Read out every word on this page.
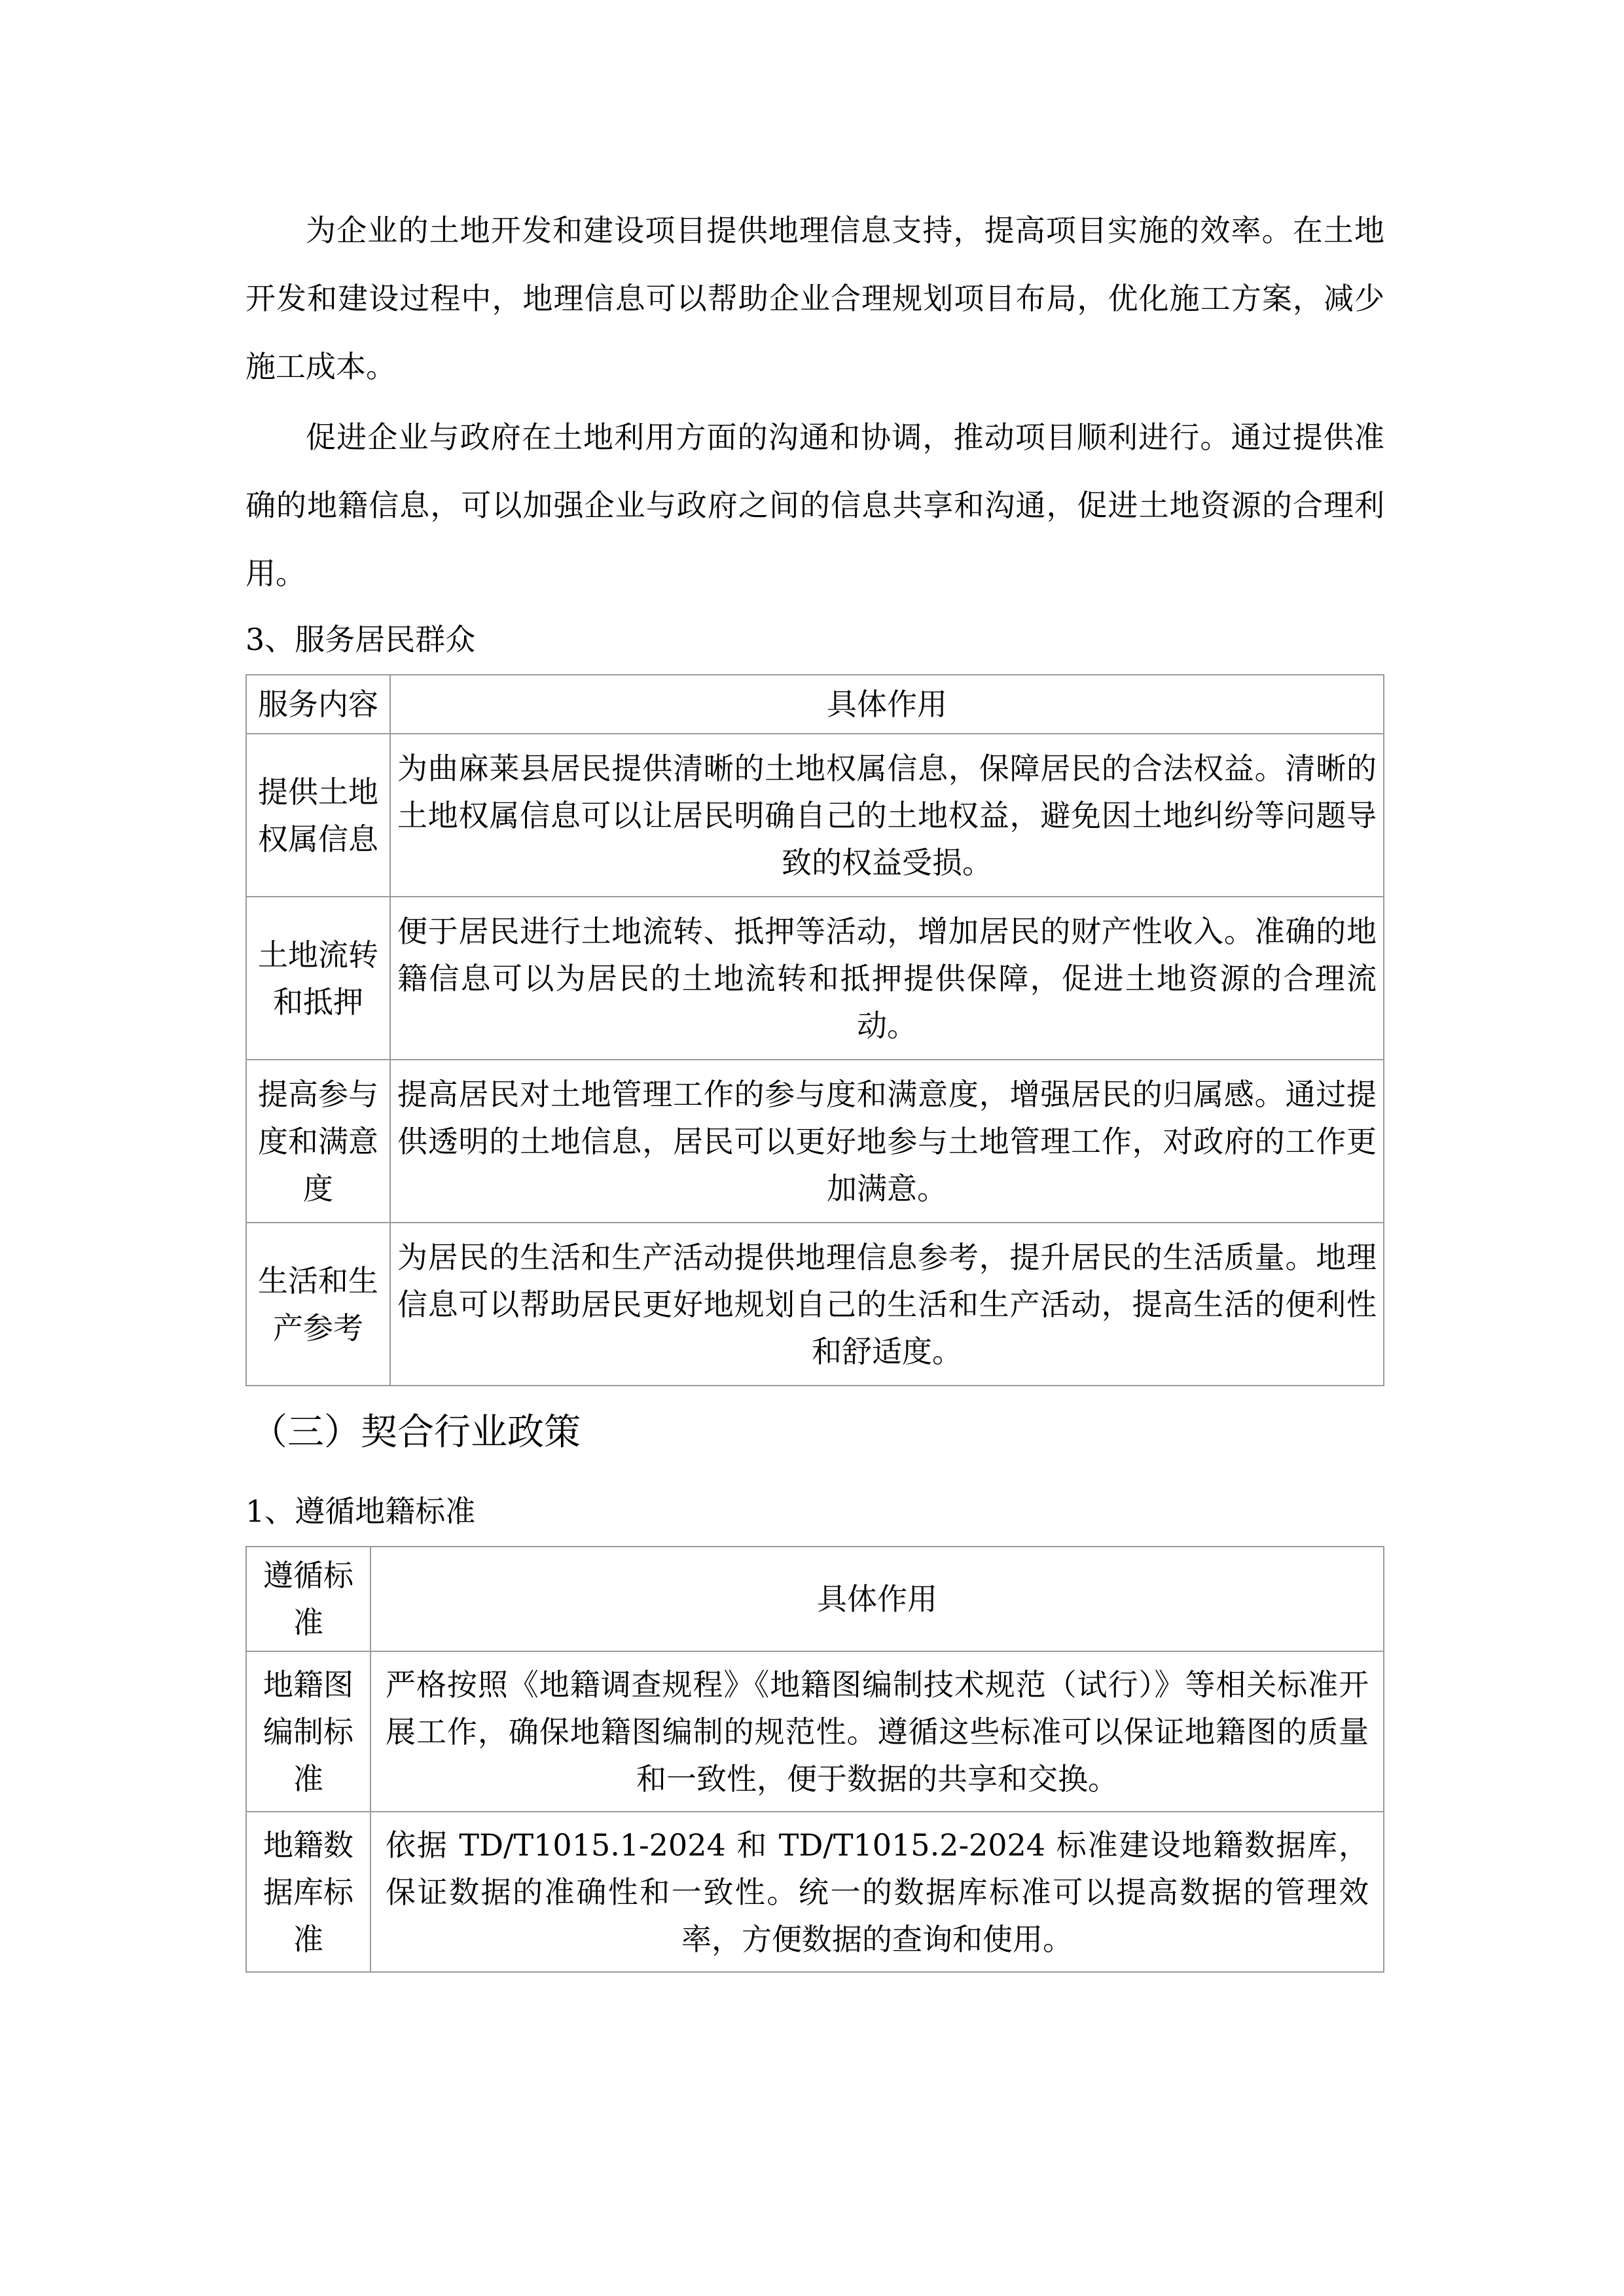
为企业的土地开发和建设项目提供地理信息支持，提高项目实施的效率。在土地开发和建设过程中，地理信息可以帮助企业合理规划项目布局，优化施工方案，减少施工成本。

促进企业与政府在土地利用方面的沟通和协调，推动项目顺利进行。通过提供准确的地籍信息，可以加强企业与政府之间的信息共享和沟通，促进土地资源的合理利用。

3、服务居民群众
服务内容	具体作用
提供土地权属信息	为曲麻莱县居民提供清晰的土地权属信息，保障居民的合法权益。清晰的土地权属信息可以让居民明确自己的土地权益，避免因土地纠纷等问题导致的权益受损。
土地流转和抵押	便于居民进行土地流转、抵押等活动，增加居民的财产性收入。准确的地籍信息可以为居民的土地流转和抵押提供保障，促进土地资源的合理流动。
提高参与度和满意度	提高居民对土地管理工作的参与度和满意度，增强居民的归属感。通过提供透明的土地信息，居民可以更好地参与土地管理工作，对政府的工作更加满意。
生活和生产参考	为居民的生活和生产活动提供地理信息参考，提升居民的生活质量。地理信息可以帮助居民更好地规划自己的生活和生产活动，提高生活的便利性和舒适度。
（三）契合行业政策
1、遵循地籍标准
遵循标准	具体作用
地籍图编制标准	严格按照《地籍调查规程》《地籍图编制技术规范（试行）》等相关标准开展工作，确保地籍图编制的规范性。遵循这些标准可以保证地籍图的质量和一致性，便于数据的共享和交换。
地籍数据库标准	依据 TD/T1015.1-2024 和 TD/T1015.2-2024 标准建设地籍数据库，保证数据的准确性和一致性。统一的数据库标准可以提高数据的管理效率，方便数据的查询和使用。
